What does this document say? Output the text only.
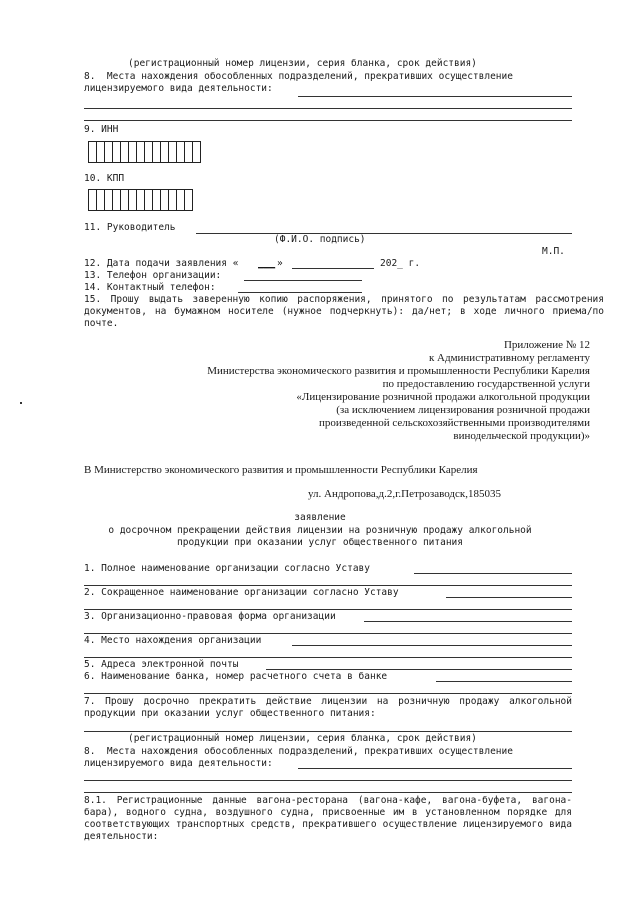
(регистрационный номер лицензии, серия бланка, срок действия)
8.  Места нахождения обособленных подразделений, прекративших осуществление
лицензируемого вида деятельности:
9. ИНН
10. КПП
11. Руководитель
(Ф.И.О. подпись)
М.П.
12. Дата подачи заявления « ___ »	202_ г.
13. Телефон организации:
14. Контактный телефон:
15. Прошу выдать заверенную копию распоряжения, принятого по результатам рассмотрения документов, на бумажном носителе (нужное подчеркнуть): да/нет; в ходе личного приема/по почте.
Приложение № 12
к Административному регламенту
Министерства экономического развития и промышленности Республики Карелия
по предоставлению государственной услуги
«Лицензирование розничной продажи алкогольной продукции
(за исключением лицензирования розничной продажи
произведенной сельскохозяйственными производителями
винодельческой продукции)»
В Министерство экономического развития и промышленности Республики Карелия
ул. Андропова,д.2,г.Петрозаводск,185035
заявление
о досрочном прекращении действия лицензии на розничную продажу алкогольной
продукции при оказании услуг общественного питания
1. Полное наименование организации согласно Уставу
2. Сокращенное наименование организации согласно Уставу
3. Организационно-правовая форма организации
4. Место нахождения организации
5. Адреса электронной почты
6. Наименование банка, номер расчетного счета в банке
7. Прошу досрочно прекратить действие лицензии на розничную продажу алкогольной продукции при оказании услуг общественного питания:
(регистрационный номер лицензии, серия бланка, срок действия)
8.  Места нахождения обособленных подразделений, прекративших осуществление
лицензируемого вида деятельности:
8.1. Регистрационные данные вагона-ресторана (вагона-кафе, вагона-буфета, вагона-бара), водного судна, воздушного судна, присвоенные им в установленном порядке для соответствующих транспортных средств, прекратившего осуществление лицензируемого вида деятельности:
